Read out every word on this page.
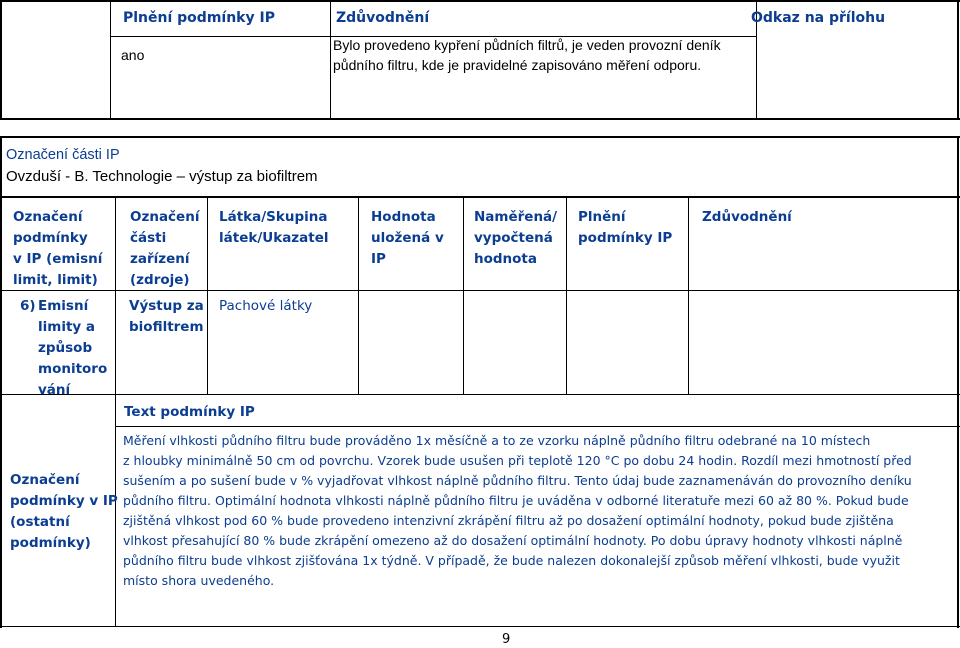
Plnění podmínky IP	Zdůvodnění	Odkaz na přílohu
ano
Bylo provedeno kypření půdních filtrů, je veden provozní deník
půdního filtru, kde je pravidelné zapisováno měření odporu.
Označení části IP
Ovzduší - B. Technologie – výstup za biofiltrem
Označení
podmínky
v IP (emisní
limit, limit)
Označení
části
zařízení
(zdroje)
Látka/Skupina
látek/Ukazatel
Hodnota
uložená v
IP
Naměřená/
vypočtená
hodnota
Plnění
podmínky IP
Zdůvodnění
6) Emisní
limity a
způsob
monitoro
vání
Výstup za
biofiltrem
Pachové látky
Označení
podmínky v IP
(ostatní
podmínky)
Text podmínky IP
Měření vlhkosti půdního filtru bude prováděno 1x měsíčně a to ze vzorku náplně půdního filtru odebrané na 10 místech
z hloubky minimálně 50 cm od povrchu. Vzorek bude usušen při teplotě 120 °C po dobu 24 hodin. Rozdíl mezi hmotností před
sušením a po sušení bude v % vyjadřovat vlhkost náplně půdního filtru. Tento údaj bude zaznamenáván do provozního deníku
půdního filtru. Optimální hodnota vlhkosti náplně půdního filtru je uváděna v odborné literatuře mezi 60 až 80 %. Pokud bude
zjištěná vlhkost pod 60 % bude provedeno intenzivní zkrápění filtru až po dosažení optimální hodnoty, pokud bude zjištěna
vlhkost přesahující 80 % bude zkrápění omezeno až do dosažení optimální hodnoty. Po dobu úpravy hodnoty vlhkosti náplně
půdního filtru bude vlhkost zjišťována 1x týdně. V případě, že bude nalezen dokonalejší způsob měření vlhkosti, bude využit
místo shora uvedeného.
9
